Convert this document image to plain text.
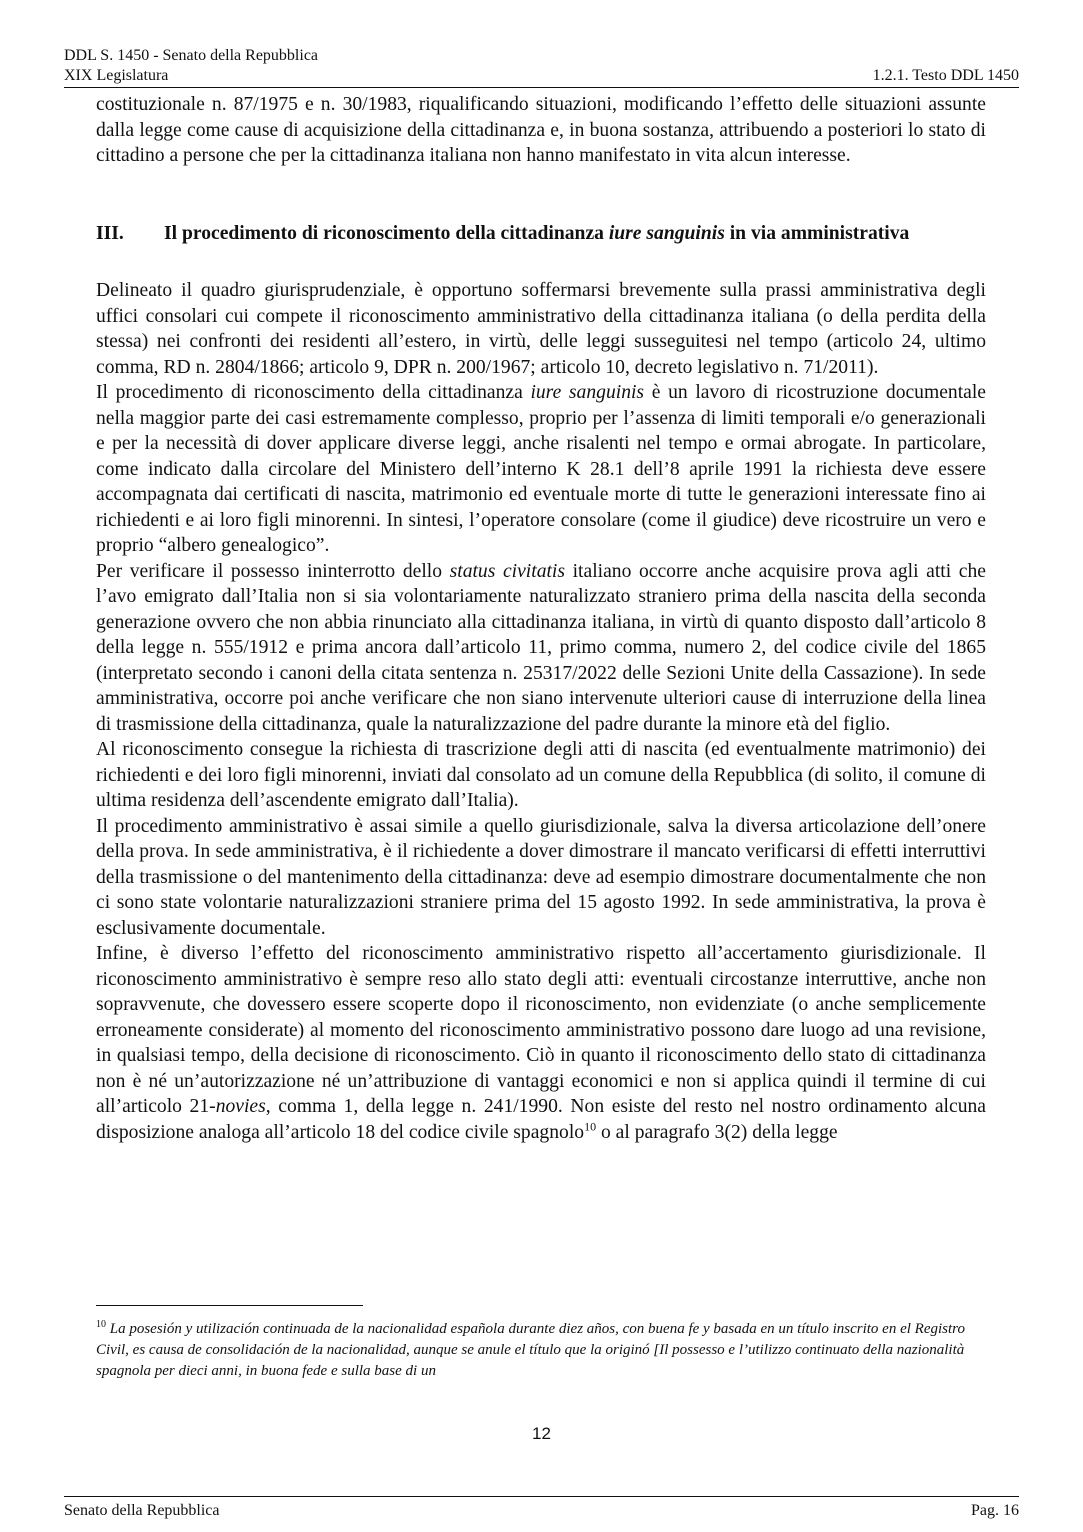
DDL S. 1450 - Senato della Repubblica
XIX Legislatura	1.2.1. Testo DDL 1450

costituzionale n. 87/1975 e n. 30/1983, riqualificando situazioni, modificando l’effetto delle situazioni assunte dalla legge come cause di acquisizione della cittadinanza e, in buona sostanza, attribuendo a posteriori lo stato di cittadino a persone che per la cittadinanza italiana non hanno manifestato in vita alcun interesse.

III.	Il procedimento di riconoscimento della cittadinanza iure sanguinis in via amministrativa

Delineato il quadro giurisprudenziale, è opportuno soffermarsi brevemente sulla prassi amministrativa degli uffici consolari cui compete il riconoscimento amministrativo della cittadinanza italiana (o della perdita della stessa) nei confronti dei residenti all’estero, in virtù, delle leggi susseguitesi nel tempo (articolo 24, ultimo comma, RD n. 2804/1866; articolo 9, DPR n. 200/1967; articolo 10, decreto legislativo n. 71/2011).

Il procedimento di riconoscimento della cittadinanza iure sanguinis è un lavoro di ricostruzione documentale nella maggior parte dei casi estremamente complesso, proprio per l’assenza di limiti temporali e/o generazionali e per la necessità di dover applicare diverse leggi, anche risalenti nel tempo e ormai abrogate. In particolare, come indicato dalla circolare del Ministero dell’interno K 28.1 dell’8 aprile 1991 la richiesta deve essere accompagnata dai certificati di nascita, matrimonio ed eventuale morte di tutte le generazioni interessate fino ai richiedenti e ai loro figli minorenni. In sintesi, l’operatore consolare (come il giudice) deve ricostruire un vero e proprio “albero genealogico”.

Per verificare il possesso ininterrotto dello status civitatis italiano occorre anche acquisire prova agli atti che l’avo emigrato dall’Italia non si sia volontariamente naturalizzato straniero prima della nascita della seconda generazione ovvero che non abbia rinunciato alla cittadinanza italiana, in virtù di quanto disposto dall’articolo 8 della legge n. 555/1912 e prima ancora dall’articolo 11, primo comma, numero 2, del codice civile del 1865 (interpretato secondo i canoni della citata sentenza n. 25317/2022 delle Sezioni Unite della Cassazione). In sede amministrativa, occorre poi anche verificare che non siano intervenute ulteriori cause di interruzione della linea di trasmissione della cittadinanza, quale la naturalizzazione del padre durante la minore età del figlio.

Al riconoscimento consegue la richiesta di trascrizione degli atti di nascita (ed eventualmente matrimonio) dei richiedenti e dei loro figli minorenni, inviati dal consolato ad un comune della Repubblica (di solito, il comune di ultima residenza dell’ascendente emigrato dall’Italia).

Il procedimento amministrativo è assai simile a quello giurisdizionale, salva la diversa articolazione dell’onere della prova. In sede amministrativa, è il richiedente a dover dimostrare il mancato verificarsi di effetti interruttivi della trasmissione o del mantenimento della cittadinanza: deve ad esempio dimostrare documentalmente che non ci sono state volontarie naturalizzazioni straniere prima del 15 agosto 1992. In sede amministrativa, la prova è esclusivamente documentale.

Infine, è diverso l’effetto del riconoscimento amministrativo rispetto all’accertamento giurisdizionale. Il riconoscimento amministrativo è sempre reso allo stato degli atti: eventuali circostanze interruttive, anche non sopravvenute, che dovessero essere scoperte dopo il riconoscimento, non evidenziate (o anche semplicemente erroneamente considerate) al momento del riconoscimento amministrativo possono dare luogo ad una revisione, in qualsiasi tempo, della decisione di riconoscimento. Ciò in quanto il riconoscimento dello stato di cittadinanza non è né un’autorizzazione né un’attribuzione di vantaggi economici e non si applica quindi il termine di cui all’articolo 21-novies, comma 1, della legge n. 241/1990. Non esiste del resto nel nostro ordinamento alcuna disposizione analoga all’articolo 18 del codice civile spagnolo$^{10}$ o al paragrafo 3(2) della legge

$^{10}$ La posesión y utilización continuada de la nacionalidad española durante diez años, con buena fe y basada en un título inscrito en el Registro Civil, es causa de consolidación de la nacionalidad, aunque se anule el título que la originó [Il possesso e l’utilizzo continuato della nazionalità spagnola per dieci anni, in buona fede e sulla base di un
12
Senato della Repubblica	Pag. 16
